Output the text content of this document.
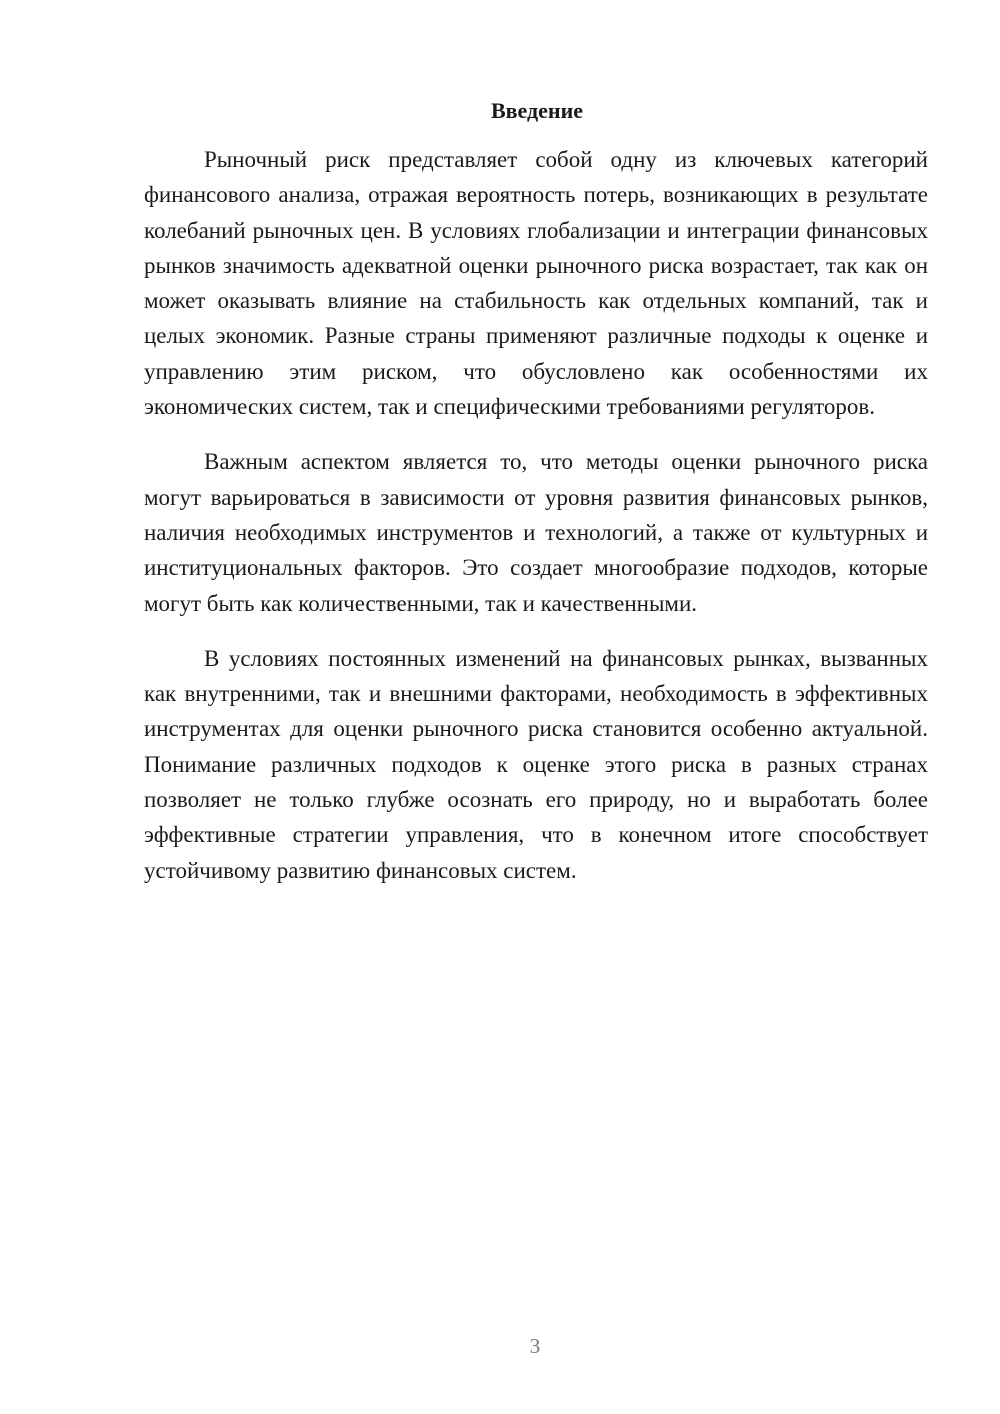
Введение

Рыночный риск представляет собой одну из ключевых категорий финансового анализа, отражая вероятность потерь, возникающих в результате колебаний рыночных цен. В условиях глобализации и интеграции финансовых рынков значимость адекватной оценки рыночного риска возрастает, так как он может оказывать влияние на стабильность как отдельных компаний, так и целых экономик. Разные страны применяют различные подходы к оценке и управлению этим риском, что обусловлено как особенностями их экономических систем, так и специфическими требованиями регуляторов.

Важным аспектом является то, что методы оценки рыночного риска могут варьироваться в зависимости от уровня развития финансовых рынков, наличия необходимых инструментов и технологий, а также от культурных и институциональных факторов. Это создает многообразие подходов, которые могут быть как количественными, так и качественными.

В условиях постоянных изменений на финансовых рынках, вызванных как внутренними, так и внешними факторами, необходимость в эффективных инструментах для оценки рыночного риска становится особенно актуальной. Понимание различных подходов к оценке этого риска в разных странах позволяет не только глубже осознать его природу, но и выработать более эффективные стратегии управления, что в конечном итоге способствует устойчивому развитию финансовых систем.

3
